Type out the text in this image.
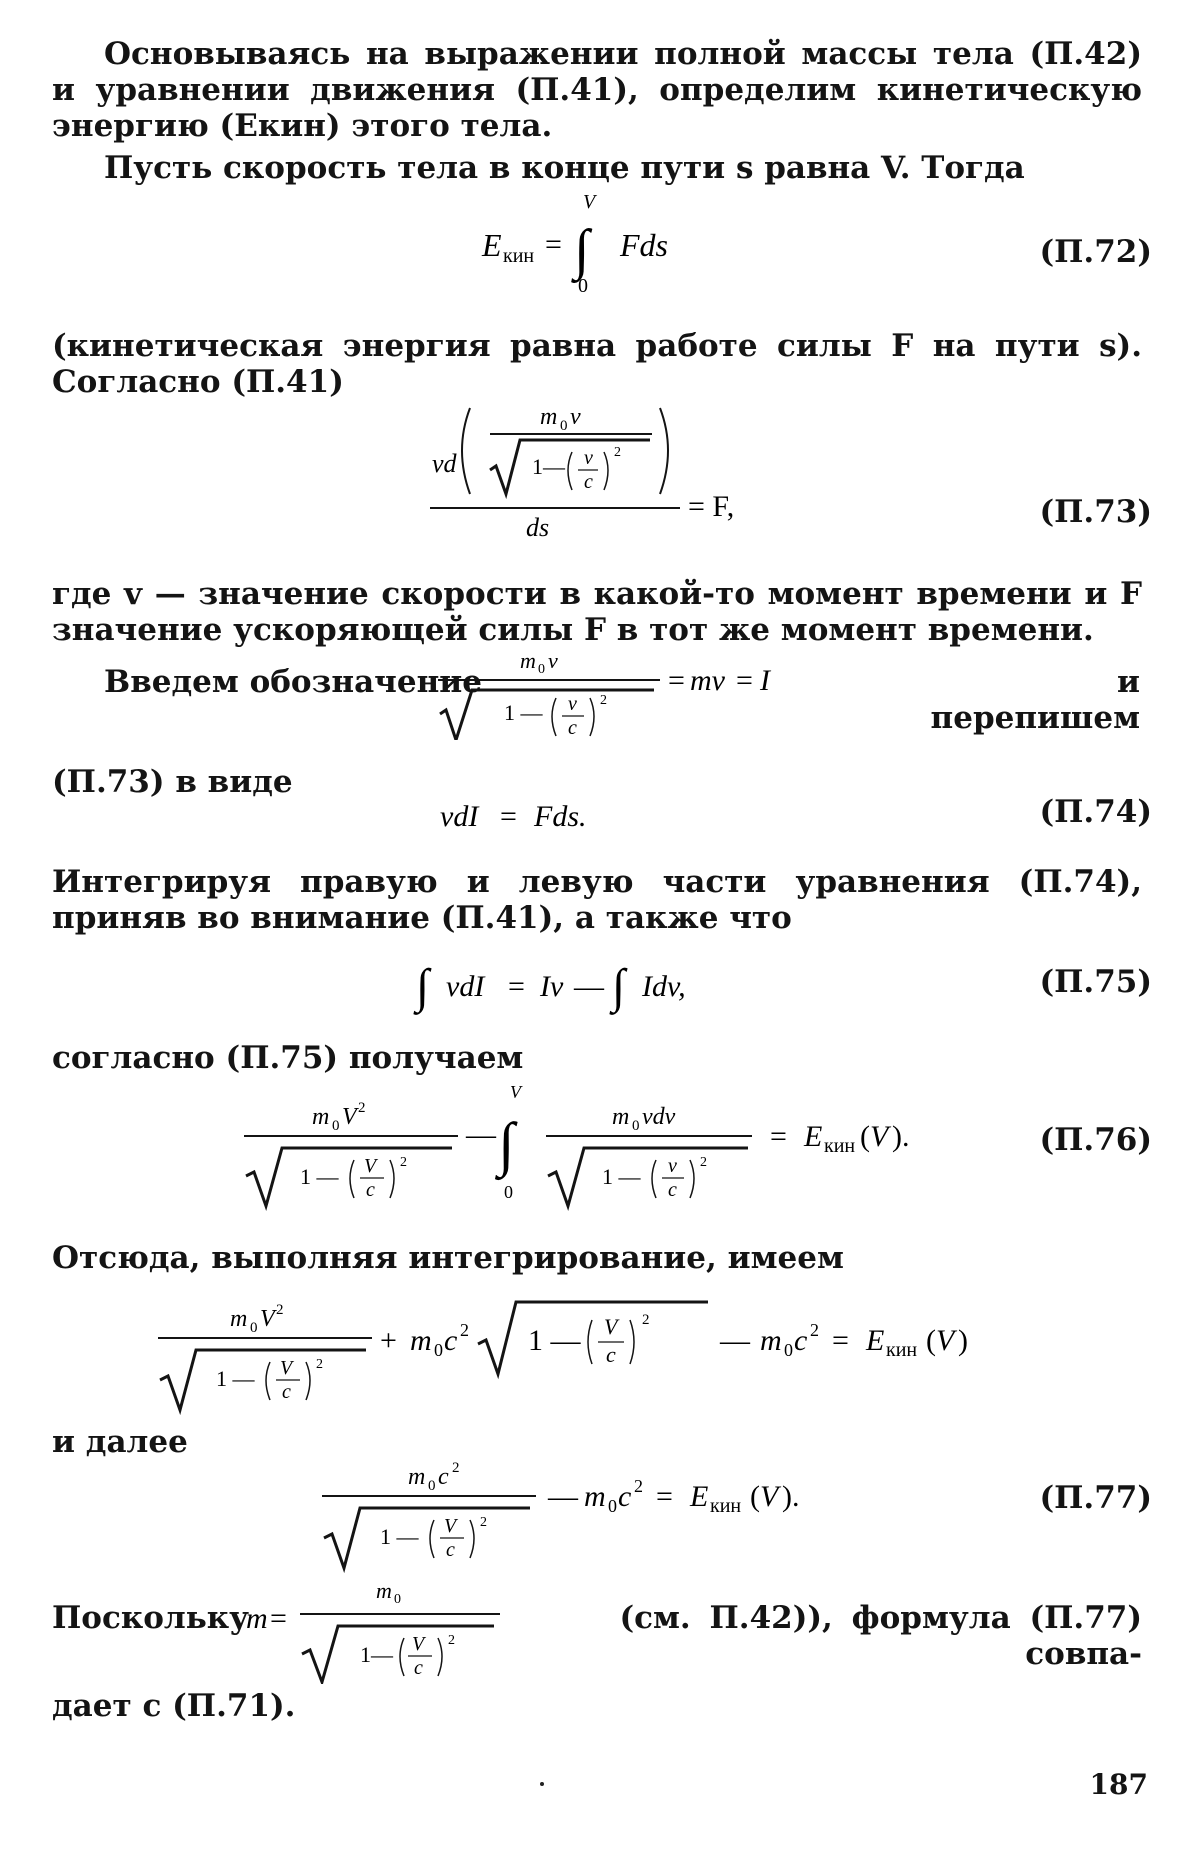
Основываясь на выражении полной массы тела (П.42) и уравнении движения (П.41), определим кинетическую энергию (Eкин) этого тела.
Пусть скорость тела в конце пути s равна V. Тогда
E кин =
V
∫
0
Fds	(П.72)
(кинетическая энергия равна работе силы F на пути s). Согласно (П.41)
vd
m 0 v
1— v
c
2
ds
= F,	(П.73)
где v — значение скорости в какой-то момент времени и F значение ускоряющей силы F в тот же момент времени.
Введем обозначение
m 0 v
1 — v
c
2
= mv = I	и перепишем
(П.73) в виде
vdI = Fds.	(П.74)
Интегрируя правую и левую части уравнения (П.74), приняв во внимание (П.41), а также что
∫ vdI = Iv — ∫ Idv,	(П.75)
согласно (П.75) получаем
m 0 V 2
1 — V
c
2
—
V
∫
0
m 0 vdv
1 — v
c
2
= E кин ( V ).	(П.76)
Отсюда, выполняя интегрирование, имеем
m 0 V 2
1 — V
c
2
+ m 0 c 2 1 — V
c
2
— m 0 c 2 = E кин ( V )
и далее
m 0 c 2
1 — V
c
2
— m 0 c 2 = E кин ( V ).	(П.77)
Поскольку
m =
m 0
1— V
c
2
(см. П.42)), формула (П.77) совпа-
дает с (П.71).
187
